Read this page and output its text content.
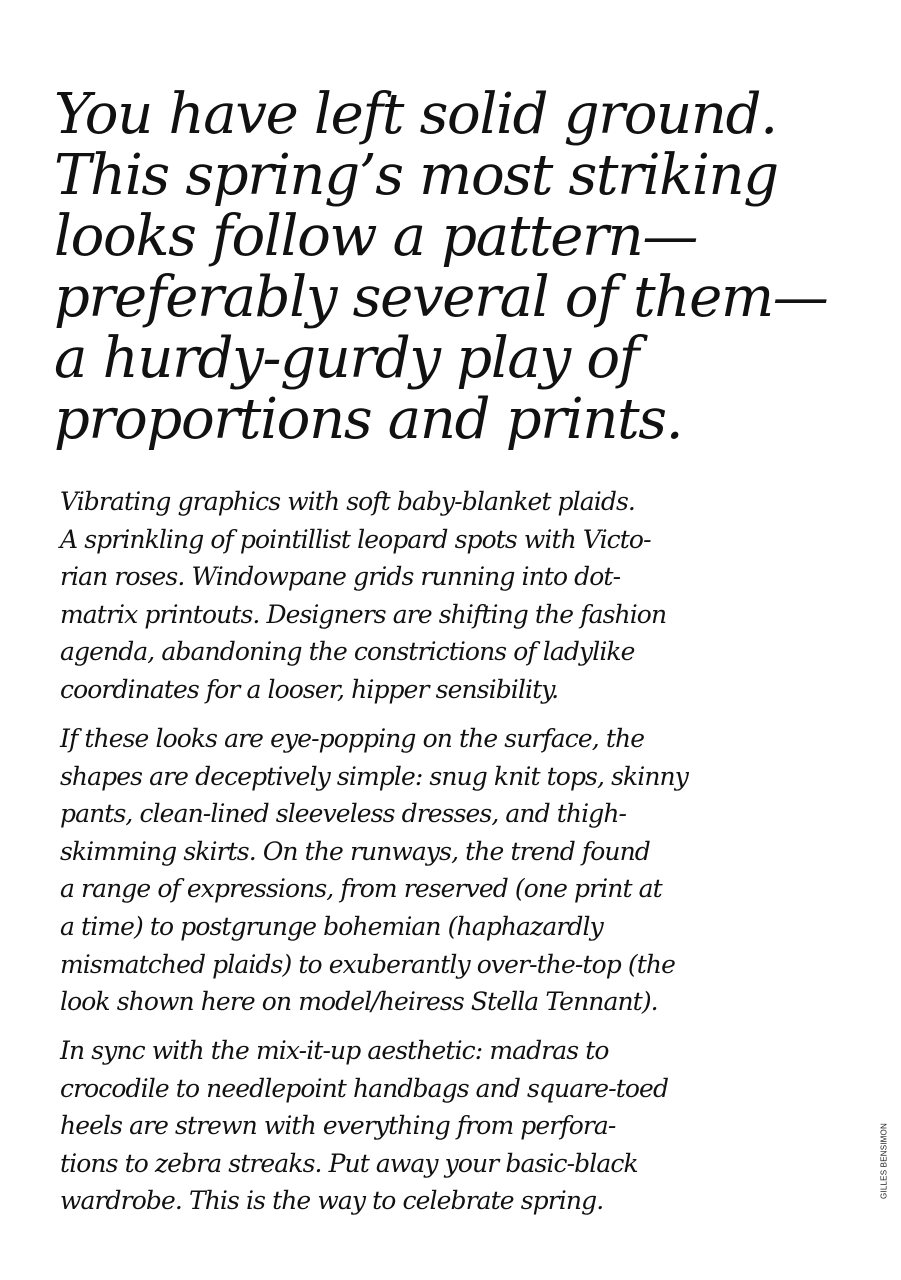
You have left solid ground.
This spring’s most striking
looks follow a pattern—
preferably several of them—
a hurdy-gurdy play of
proportions and prints.

Vibrating graphics with soft baby-blanket plaids.
A sprinkling of pointillist leopard spots with Victo-
rian roses. Windowpane grids running into dot-
matrix printouts. Designers are shifting the fashion
agenda, abandoning the constrictions of ladylike
coordinates for a looser, hipper sensibility.

If these looks are eye-popping on the surface, the
shapes are deceptively simple: snug knit tops, skinny
pants, clean-lined sleeveless dresses, and thigh-
skimming skirts. On the runways, the trend found
a range of expressions, from reserved (one print at
a time) to postgrunge bohemian (haphazardly
mismatched plaids) to exuberantly over-the-top (the
look shown here on model/heiress Stella Tennant).

In sync with the mix-it-up aesthetic: madras to
crocodile to needlepoint handbags and square-toed
heels are strewn with everything from perfora-
tions to zebra streaks. Put away your basic-black
wardrobe. This is the way to celebrate spring.

GILLES BENSIMON
